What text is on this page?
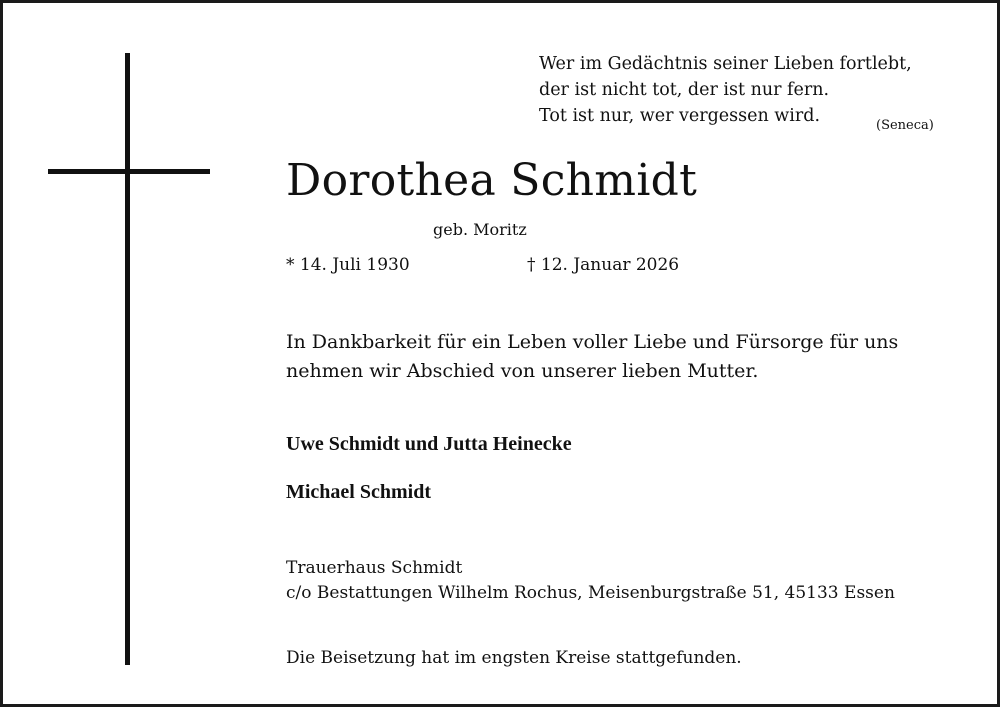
Wer im Gedächtnis seiner Lieben fortlebt,
der ist nicht tot, der ist nur fern.
Tot ist nur, wer vergessen wird.	(Seneca)
Dorothea Schmidt
geb. Moritz
* 14. Juli 1930	† 12. Januar 2026
In Dankbarkeit für ein Leben voller Liebe und Fürsorge für uns
nehmen wir Abschied von unserer lieben Mutter.
Uwe Schmidt und Jutta Heinecke
Michael Schmidt
Trauerhaus Schmidt
c/o Bestattungen Wilhelm Rochus, Meisenburgstraße 51, 45133 Essen
Die Beisetzung hat im engsten Kreise stattgefunden.
